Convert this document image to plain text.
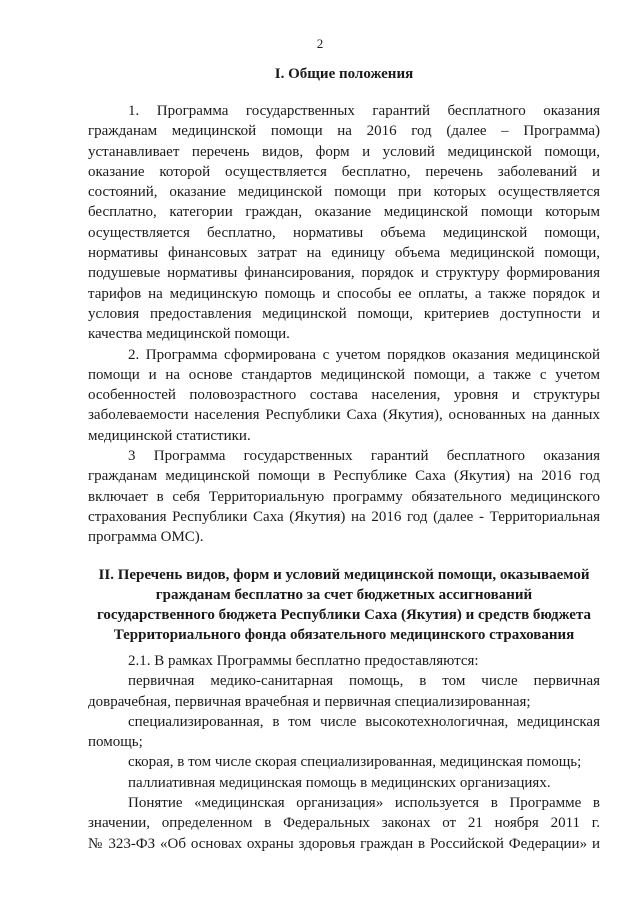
2
I. Общие положения
1. Программа государственных гарантий бесплатного оказания
гражданам медицинской помощи на 2016 год (далее – Программа)
устанавливает перечень видов, форм и условий медицинской помощи,
оказание которой осуществляется бесплатно, перечень заболеваний и
состояний, оказание медицинской помощи при которых осуществляется
бесплатно, категории граждан, оказание медицинской помощи которым
осуществляется бесплатно, нормативы объема медицинской помощи,
нормативы финансовых затрат на единицу объема медицинской помощи,
подушевые нормативы финансирования, порядок и структуру формирования
тарифов на медицинскую помощь и способы ее оплаты, а также порядок и
условия предоставления медицинской помощи, критериев доступности и
качества медицинской помощи.
2. Программа сформирована с учетом порядков оказания медицинской
помощи и на основе стандартов медицинской помощи, а также с учетом
особенностей половозрастного состава населения, уровня и структуры
заболеваемости населения Республики Саха (Якутия), основанных на данных
медицинской статистики.
3 Программа государственных гарантий бесплатного оказания
гражданам медицинской помощи в Республике Саха (Якутия) на 2016 год
включает в себя Территориальную программу обязательного медицинского
страхования Республики Саха (Якутия) на 2016 год (далее - Территориальная
программа ОМС).
II. Перечень видов, форм и условий медицинской помощи, оказываемой
гражданам бесплатно за счет бюджетных ассигнований
государственного бюджета Республики Саха (Якутия) и средств бюджета
Территориального фонда обязательного медицинского страхования
2.1. В рамках Программы бесплатно предоставляются:
первичная медико-санитарная помощь, в том числе первичная
доврачебная, первичная врачебная и первичная специализированная;
специализированная, в том числе высокотехнологичная, медицинская
помощь;
скорая, в том числе скорая специализированная, медицинская помощь;
паллиативная медицинская помощь в медицинских организациях.
Понятие «медицинская организация» используется в Программе в
значении, определенном в Федеральных законах от 21 ноября 2011 г.
№ 323-ФЗ «Об основах охраны здоровья граждан в Российской Федерации» и
